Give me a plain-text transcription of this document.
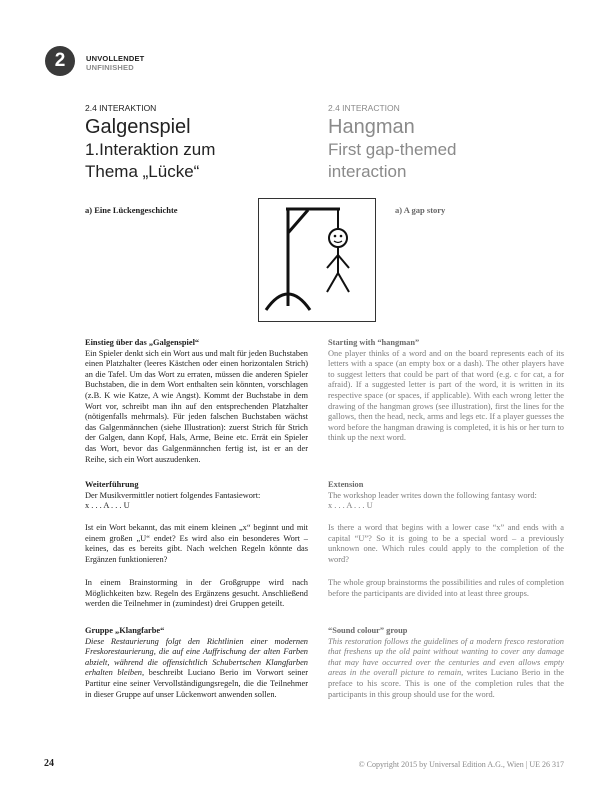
2	UNVOLLENDET
UNFINISHED
2.4 INTERAKTION	2.4 INTERACTION
Galgenspiel
1.Interaktion zum
Thema „Lücke“
Hangman
First gap-themed
interaction
a) Eine Lückengeschichte	a) A gap story
Einstieg über das „Galgenspiel“

Ein Spieler denkt sich ein Wort aus und malt für jeden Buchstaben einen Platzhalter (leeres Kästchen oder einen horizontalen Strich) an die Tafel. Um das Wort zu erraten, müssen die anderen Spieler Buchstaben, die in dem Wort enthalten sein könnten, vorschlagen (z.B. K wie Katze, A wie Angst). Kommt der Buchstabe in dem Wort vor, schreibt man ihn auf den entsprechenden Platzhalter (nötigenfalls mehrmals). Für jeden falschen Buchstaben wächst das Galgenmännchen (siehe Illustration): zuerst Strich für Strich der Galgen, dann Kopf, Hals, Arme, Beine etc. Errät ein Spieler das Wort, bevor das Galgenmännchen fertig ist, ist er an der Reihe, sich ein Wort auszudenken.

Weiterführung

Der Musikvermittler notiert folgendes Fantasiewort:

x . . . A . . . U

Ist ein Wort bekannt, das mit einem kleinen „x“ beginnt und mit einem großen „U“ endet? Es wird also ein besonderes Wort – keines, das es bereits gibt. Nach welchen Regeln könnte das Ergänzen funktionieren?

In einem Brainstorming in der Großgruppe wird nach Möglichkeiten bzw. Regeln des Ergänzens gesucht. Anschließend werden die Teilnehmer in (zumindest) drei Gruppen geteilt.

Gruppe „Klangfarbe“

Diese Restaurierung folgt den Richtlinien einer modernen Freskorestaurierung, die auf eine Auffrischung der alten Farben abzielt, während die offensichtlich Schubertschen Klangfarben erhalten bleiben, beschreibt Luciano Berio im Vorwort seiner Partitur eine seiner Vervollständigungsregeln, die die Teilnehmer in dieser Gruppe auf unser Lückenwort anwenden sollen.

Starting with “hangman”

One player thinks of a word and on the board represents each of its letters with a space (an empty box or a dash). The other players have to suggest letters that could be part of that word (e.g. c for cat, a for afraid). If a suggested letter is part of the word, it is written in its respective space (or spaces, if applicable). With each wrong letter the drawing of the hangman grows (see illustration), first the lines for the gallows, then the head, neck, arms and legs etc. If a player guesses the word before the hangman drawing is completed, it is his or her turn to think up the next word.

Extension

The workshop leader writes down the following fantasy word:

x . . . A . . . U

Is there a word that begins with a lower case “x” and ends with a capital “U”? So it is going to be a special word – a previously unknown one. Which rules could apply to the completion of the word?

The whole group brainstorms the possibilities and rules of completion before the participants are divided into at least three groups.

“Sound colour” group

This restoration follows the guidelines of a modern fresco restoration that freshens up the old paint without wanting to cover any damage that may have occurred over the centuries and even allows empty areas in the overall picture to remain, writes Luciano Berio in the preface to his score. This is one of the completion rules that the participants in this group should use for the word.

24	© Copyright 2015 by Universal Edition A.G., Wien | UE 26 317
